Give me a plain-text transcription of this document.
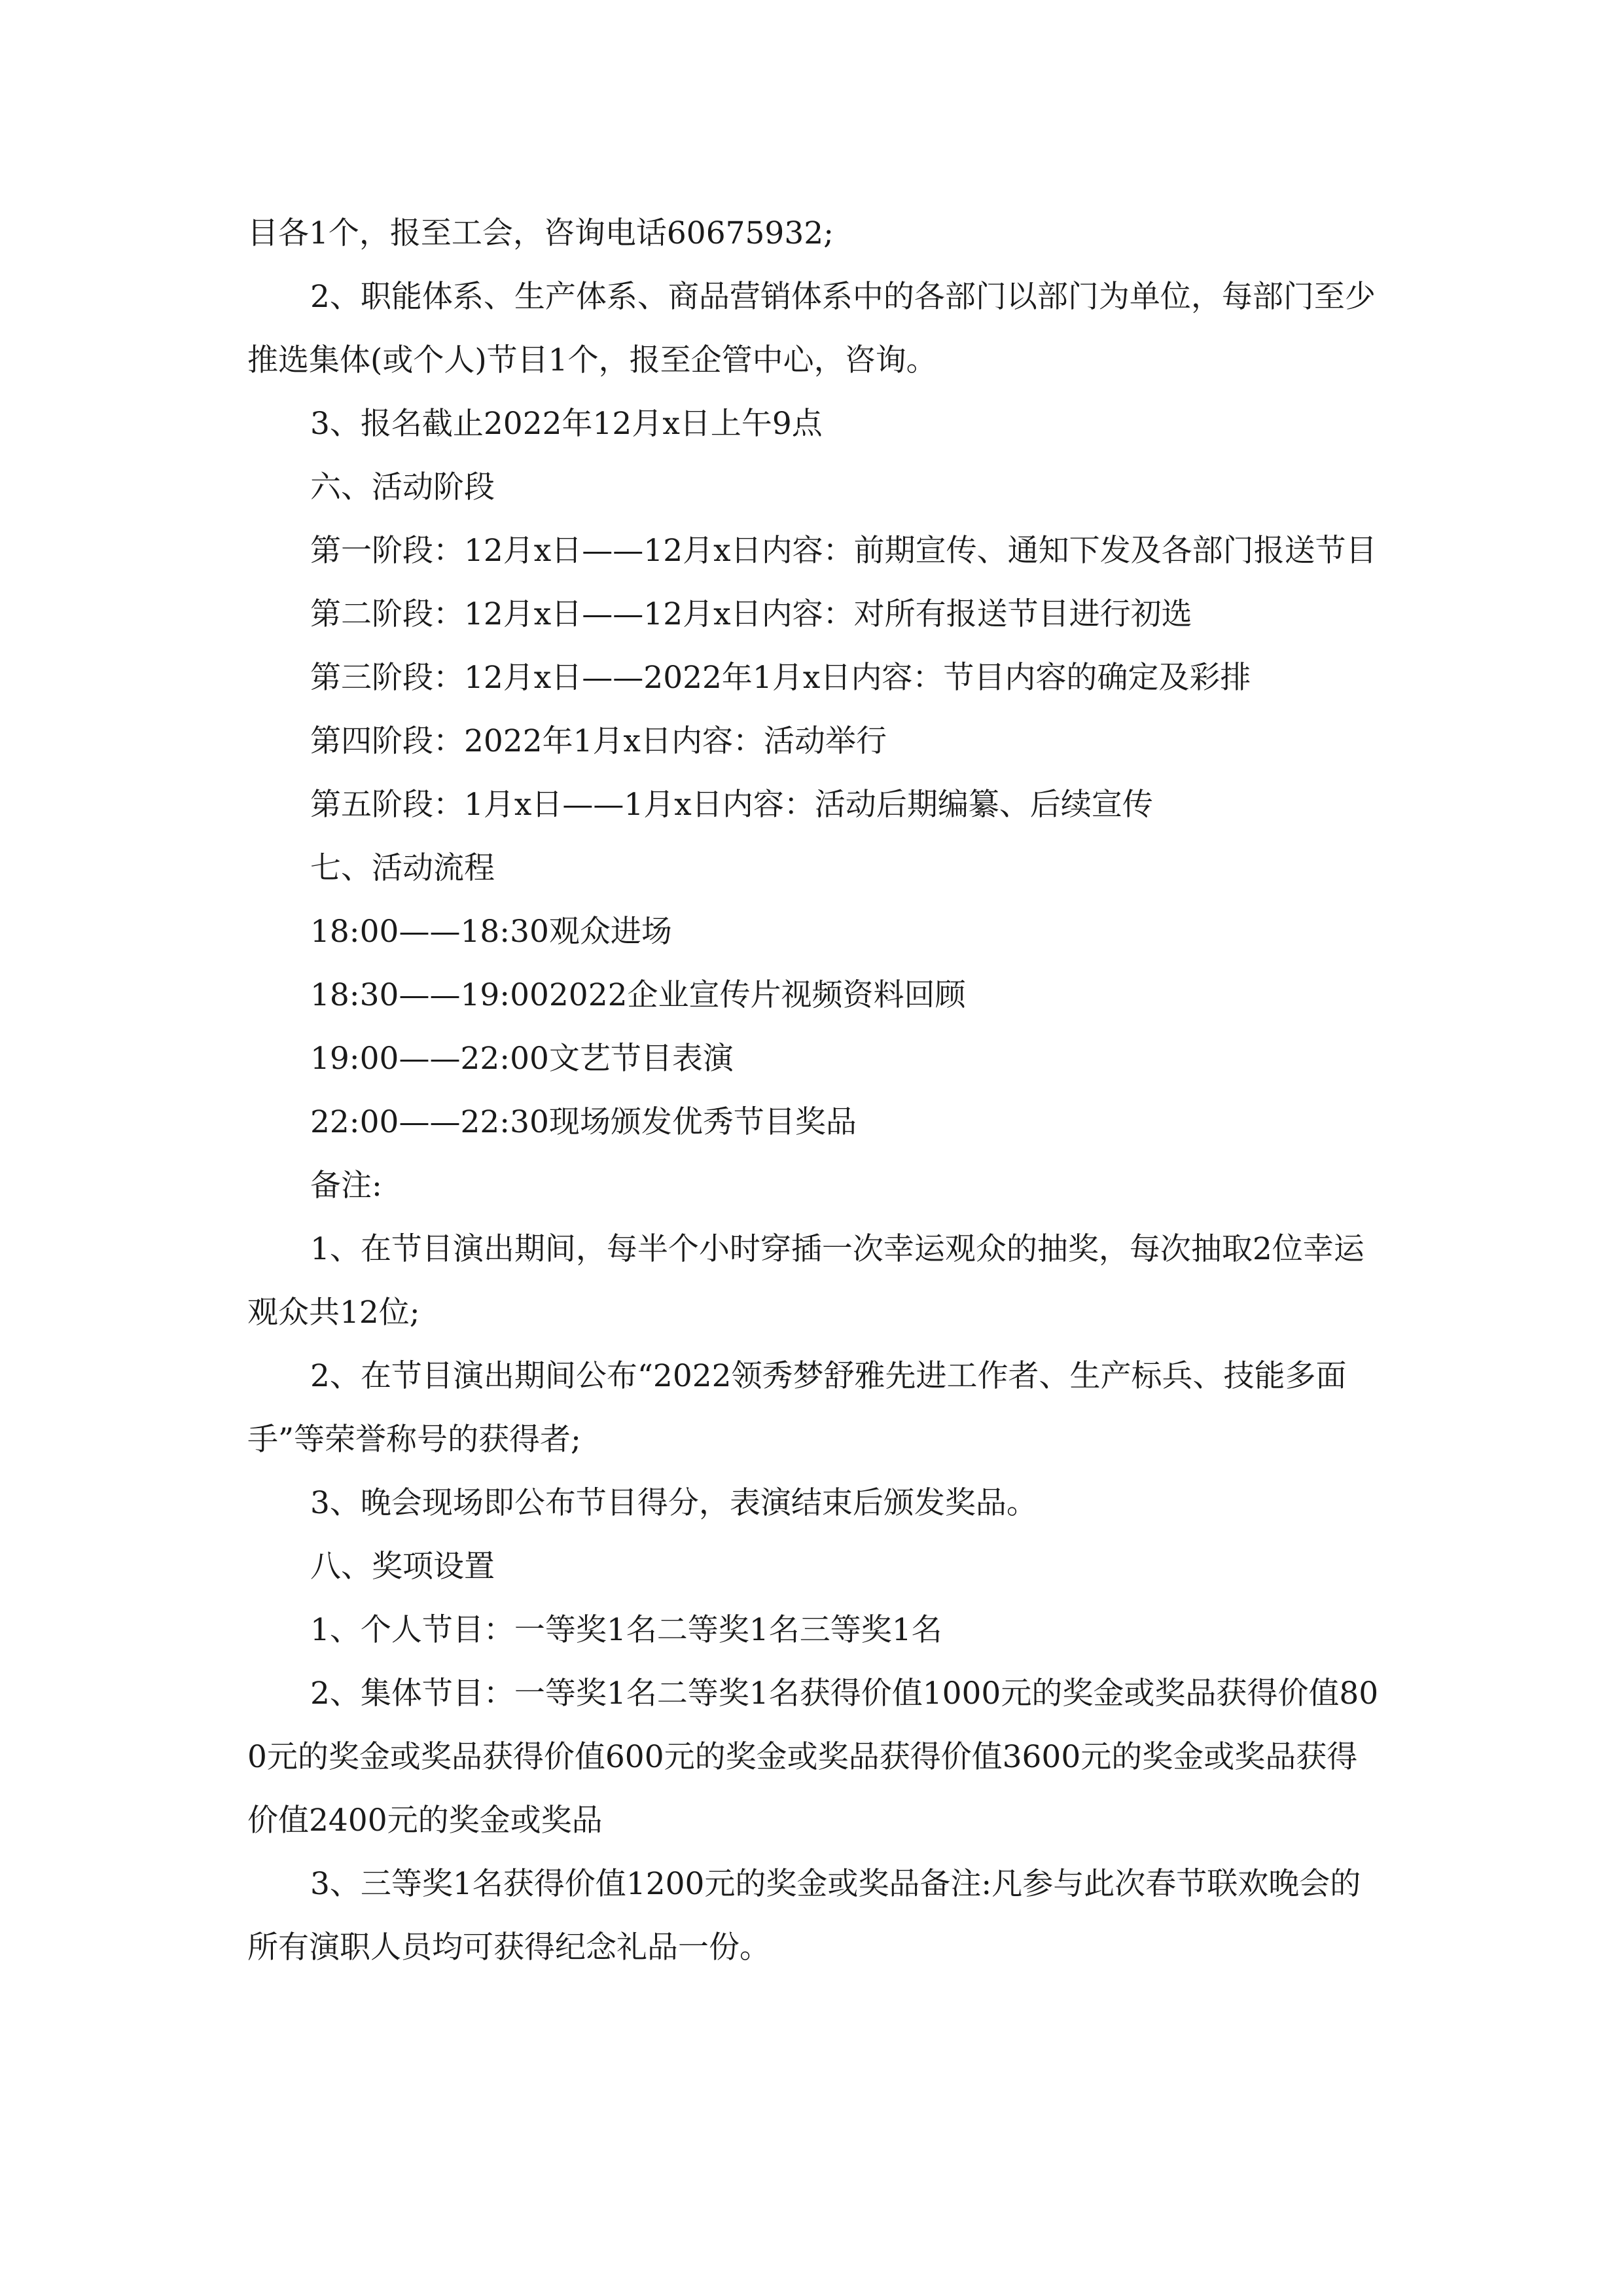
目各1个，报至工会，咨询电话60675932;

2、职能体系、生产体系、商品营销体系中的各部门以部门为单位，每部门至少推选集体(或个人)节目1个，报至企管中心，咨询。

3、报名截止2022年12月x日上午9点

六、活动阶段

第一阶段：12月x日——12月x日内容：前期宣传、通知下发及各部门报送节目

第二阶段：12月x日——12月x日内容：对所有报送节目进行初选

第三阶段：12月x日——2022年1月x日内容：节目内容的确定及彩排

第四阶段：2022年1月x日内容：活动举行

第五阶段：1月x日——1月x日内容：活动后期编纂、后续宣传

七、活动流程

18:00——18:30观众进场

18:30——19:002022企业宣传片视频资料回顾

19:00——22:00文艺节目表演

22:00——22:30现场颁发优秀节目奖品

备注:

1、在节目演出期间，每半个小时穿插一次幸运观众的抽奖，每次抽取2位幸运观众共12位;

2、在节目演出期间公布“2022领秀梦舒雅先进工作者、生产标兵、技能多面手”等荣誉称号的获得者;

3、晚会现场即公布节目得分，表演结束后颁发奖品。

八、奖项设置

1、个人节目：一等奖1名二等奖1名三等奖1名

2、集体节目：一等奖1名二等奖1名获得价值1000元的奖金或奖品获得价值800元的奖金或奖品获得价值600元的奖金或奖品获得价值3600元的奖金或奖品获得价值2400元的奖金或奖品

3、三等奖1名获得价值1200元的奖金或奖品备注:凡参与此次春节联欢晚会的所有演职人员均可获得纪念礼品一份。
